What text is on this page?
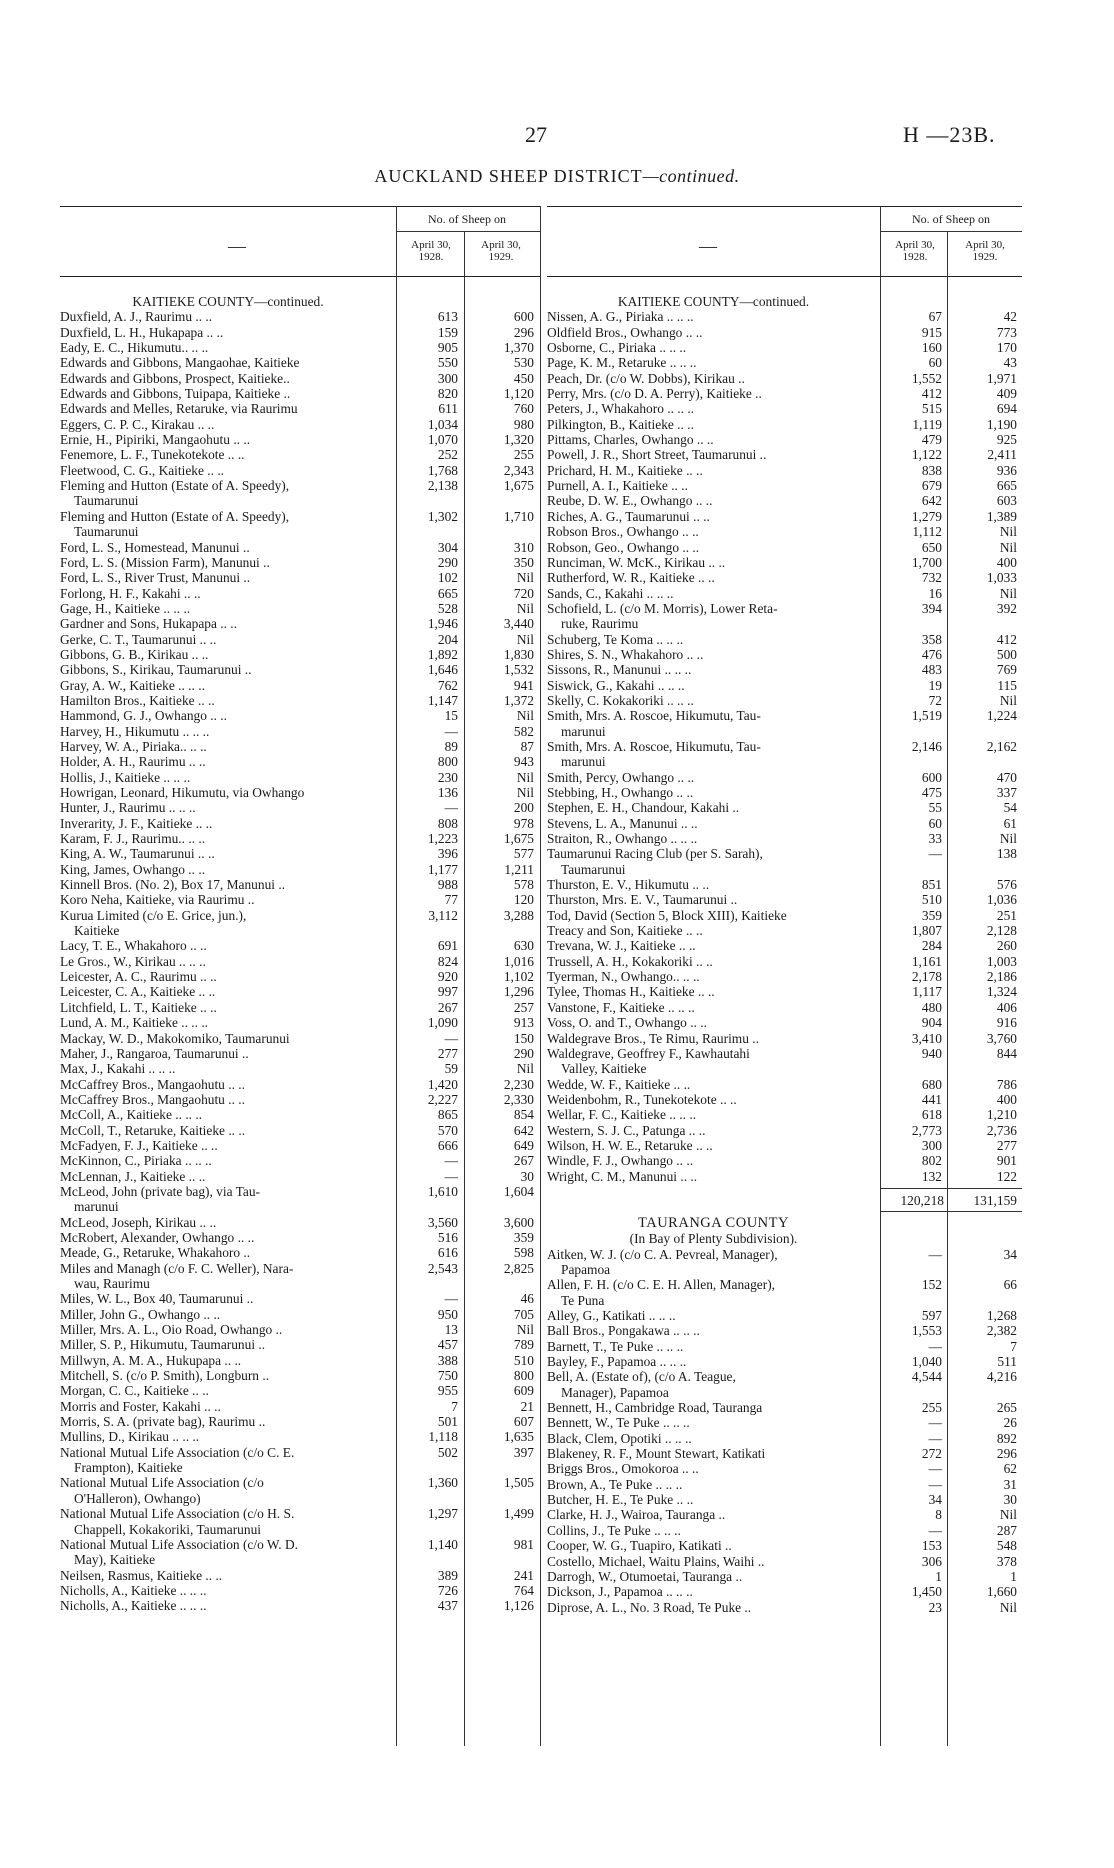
27	H —23B.
AUCKLAND SHEEP DISTRICT—continued.
—
No. of Sheep on
April 30,
1928.
April 30,
1929.
KAITIEKE COUNTY—continued.
Duxfield, A. J., Raurimu .. ..	613	600
Duxfield, L. H., Hukapapa .. ..	159	296
Eady, E. C., Hikumutu.. .. ..	905	1,370
Edwards and Gibbons, Mangaohae, Kaitieke	550	530
Edwards and Gibbons, Prospect, Kaitieke..	300	450
Edwards and Gibbons, Tuipapa, Kaitieke ..	820	1,120
Edwards and Melles, Retaruke, via Raurimu	611	760
Eggers, C. P. C., Kirakau .. ..	1,034	980
Ernie, H., Pipiriki, Mangaohutu .. ..	1,070	1,320
Fenemore, L. F., Tunekotekote .. ..	252	255
Fleetwood, C. G., Kaitieke .. ..	1,768	2,343
Fleming and Hutton (Estate of A. Speedy),	2,138	1,675
Taumarunui
Fleming and Hutton (Estate of A. Speedy),	1,302	1,710
Taumarunui
Ford, L. S., Homestead, Manunui ..	304	310
Ford, L. S. (Mission Farm), Manunui ..	290	350
Ford, L. S., River Trust, Manunui ..	102	Nil
Forlong, H. F., Kakahi .. ..	665	720
Gage, H., Kaitieke .. .. ..	528	Nil
Gardner and Sons, Hukapapa .. ..	1,946	3,440
Gerke, C. T., Taumarunui .. ..	204	Nil
Gibbons, G. B., Kirikau .. ..	1,892	1,830
Gibbons, S., Kirikau, Taumarunui ..	1,646	1,532
Gray, A. W., Kaitieke .. .. ..	762	941
Hamilton Bros., Kaitieke .. ..	1,147	1,372
Hammond, G. J., Owhango .. ..	15	Nil
Harvey, H., Hikumutu .. .. ..	—	582
Harvey, W. A., Piriaka.. .. ..	89	87
Holder, A. H., Raurimu .. ..	800	943
Hollis, J., Kaitieke .. .. ..	230	Nil
Howrigan, Leonard, Hikumutu, via Owhango	136	Nil
Hunter, J., Raurimu .. .. ..	—	200
Inverarity, J. F., Kaitieke .. ..	808	978
Karam, F. J., Raurimu.. .. ..	1,223	1,675
King, A. W., Taumarunui .. ..	396	577
King, James, Owhango .. ..	1,177	1,211
Kinnell Bros. (No. 2), Box 17, Manunui ..	988	578
Koro Neha, Kaitieke, via Raurimu ..	77	120
Kurua Limited (c/o E. Grice, jun.),	3,112	3,288
Kaitieke
Lacy, T. E., Whakahoro .. ..	691	630
Le Gros., W., Kirikau .. .. ..	824	1,016
Leicester, A. C., Raurimu .. ..	920	1,102
Leicester, C. A., Kaitieke .. ..	997	1,296
Litchfield, L. T., Kaitieke .. ..	267	257
Lund, A. M., Kaitieke .. .. ..	1,090	913
Mackay, W. D., Makokomiko, Taumarunui	—	150
Maher, J., Rangaroa, Taumarunui ..	277	290
Max, J., Kakahi .. .. ..	59	Nil
McCaffrey Bros., Mangaohutu .. ..	1,420	2,230
McCaffrey Bros., Mangaohutu .. ..	2,227	2,330
McColl, A., Kaitieke .. .. ..	865	854
McColl, T., Retaruke, Kaitieke .. ..	570	642
McFadyen, F. J., Kaitieke .. ..	666	649
McKinnon, C., Piriaka .. .. ..	—	267
McLennan, J., Kaitieke .. ..	—	30
McLeod, John (private bag), via Tau-	1,610	1,604
marunui
McLeod, Joseph, Kirikau .. ..	3,560	3,600
McRobert, Alexander, Owhango .. ..	516	359
Meade, G., Retaruke, Whakahoro ..	616	598
Miles and Managh (c/o F. C. Weller), Nara-	2,543	2,825
wau, Raurimu
Miles, W. L., Box 40, Taumarunui ..	—	46
Miller, John G., Owhango .. ..	950	705
Miller, Mrs. A. L., Oio Road, Owhango ..	13	Nil
Miller, S. P., Hikumutu, Taumarunui ..	457	789
Millwyn, A. M. A., Hukupapa .. ..	388	510
Mitchell, S. (c/o P. Smith), Longburn ..	750	800
Morgan, C. C., Kaitieke .. ..	955	609
Morris and Foster, Kakahi .. ..	7	21
Morris, S. A. (private bag), Raurimu ..	501	607
Mullins, D., Kirikau .. .. ..	1,118	1,635
National Mutual Life Association (c/o C. E.	502	397
Frampton), Kaitieke
National Mutual Life Association (c/o	1,360	1,505
O'Halleron), Owhango)
National Mutual Life Association (c/o H. S.	1,297	1,499
Chappell, Kokakoriki, Taumarunui
National Mutual Life Association (c/o W. D.	1,140	981
May), Kaitieke
Neilsen, Rasmus, Kaitieke .. ..	389	241
Nicholls, A., Kaitieke .. .. ..	726	764
Nicholls, A., Kaitieke .. .. ..	437	1,126
—
No. of Sheep on
April 30,
1928.
April 30,
1929.
KAITIEKE COUNTY—continued.
Nissen, A. G., Piriaka .. .. ..	67	42
Oldfield Bros., Owhango .. ..	915	773
Osborne, C., Piriaka .. .. ..	160	170
Page, K. M., Retaruke .. .. ..	60	43
Peach, Dr. (c/o W. Dobbs), Kirikau ..	1,552	1,971
Perry, Mrs. (c/o D. A. Perry), Kaitieke ..	412	409
Peters, J., Whakahoro .. .. ..	515	694
Pilkington, B., Kaitieke .. ..	1,119	1,190
Pittams, Charles, Owhango .. ..	479	925
Powell, J. R., Short Street, Taumarunui ..	1,122	2,411
Prichard, H. M., Kaitieke .. ..	838	936
Purnell, A. I., Kaitieke .. ..	679	665
Reube, D. W. E., Owhango .. ..	642	603
Riches, A. G., Taumarunui .. ..	1,279	1,389
Robson Bros., Owhango .. ..	1,112	Nil
Robson, Geo., Owhango .. ..	650	Nil
Runciman, W. McK., Kirikau .. ..	1,700	400
Rutherford, W. R., Kaitieke .. ..	732	1,033
Sands, C., Kakahi .. .. ..	16	Nil
Schofield, L. (c/o M. Morris), Lower Reta-	394	392
ruke, Raurimu
Schuberg, Te Koma .. .. ..	358	412
Shires, S. N., Whakahoro .. ..	476	500
Sissons, R., Manunui .. .. ..	483	769
Siswick, G., Kakahi .. .. ..	19	115
Skelly, C. Kokakoriki .. .. ..	72	Nil
Smith, Mrs. A. Roscoe, Hikumutu, Tau-	1,519	1,224
marunui
Smith, Mrs. A. Roscoe, Hikumutu, Tau-	2,146	2,162
marunui
Smith, Percy, Owhango .. ..	600	470
Stebbing, H., Owhango .. ..	475	337
Stephen, E. H., Chandour, Kakahi ..	55	54
Stevens, L. A., Manunui .. ..	60	61
Straiton, R., Owhango .. .. ..	33	Nil
Taumarunui Racing Club (per S. Sarah),	—	138
Taumarunui
Thurston, E. V., Hikumutu .. ..	851	576
Thurston, Mrs. E. V., Taumarunui ..	510	1,036
Tod, David (Section 5, Block XIII), Kaitieke	359	251
Treacy and Son, Kaitieke .. ..	1,807	2,128
Trevana, W. J., Kaitieke .. ..	284	260
Trussell, A. H., Kokakoriki .. ..	1,161	1,003
Tyerman, N., Owhango.. .. ..	2,178	2,186
Tylee, Thomas H., Kaitieke .. ..	1,117	1,324
Vanstone, F., Kaitieke .. .. ..	480	406
Voss, O. and T., Owhango .. ..	904	916
Waldegrave Bros., Te Rimu, Raurimu ..	3,410	3,760
Waldegrave, Geoffrey F., Kawhautahi	940	844
Valley, Kaitieke
Wedde, W. F., Kaitieke .. ..	680	786
Weidenbohm, R., Tunekotekote .. ..	441	400
Wellar, F. C., Kaitieke .. .. ..	618	1,210
Western, S. J. C., Patunga .. ..	2,773	2,736
Wilson, H. W. E., Retaruke .. ..	300	277
Windle, F. J., Owhango .. ..	802	901
Wright, C. M., Manunui .. ..	132	122
120,218	131,159
TAURANGA COUNTY
(In Bay of Plenty Subdivision).
Aitken, W. J. (c/o C. A. Pevreal, Manager),	—	34
Papamoa
Allen, F. H. (c/o C. E. H. Allen, Manager),	152	66
Te Puna
Alley, G., Katikati .. .. ..	597	1,268
Ball Bros., Pongakawa .. .. ..	1,553	2,382
Barnett, T., Te Puke .. .. ..	—	7
Bayley, F., Papamoa .. .. ..	1,040	511
Bell, A. (Estate of), (c/o A. Teague,	4,544	4,216
Manager), Papamoa
Bennett, H., Cambridge Road, Tauranga	255	265
Bennett, W., Te Puke .. .. ..	—	26
Black, Clem, Opotiki .. .. ..	—	892
Blakeney, R. F., Mount Stewart, Katikati	272	296
Briggs Bros., Omokoroa .. ..	—	62
Brown, A., Te Puke .. .. ..	—	31
Butcher, H. E., Te Puke .. ..	34	30
Clarke, H. J., Wairoa, Tauranga ..	8	Nil
Collins, J., Te Puke .. .. ..	—	287
Cooper, W. G., Tuapiro, Katikati ..	153	548
Costello, Michael, Waitu Plains, Waihi ..	306	378
Darrogh, W., Otumoetai, Tauranga ..	1	1
Dickson, J., Papamoa .. .. ..	1,450	1,660
Diprose, A. L., No. 3 Road, Te Puke ..	23	Nil
